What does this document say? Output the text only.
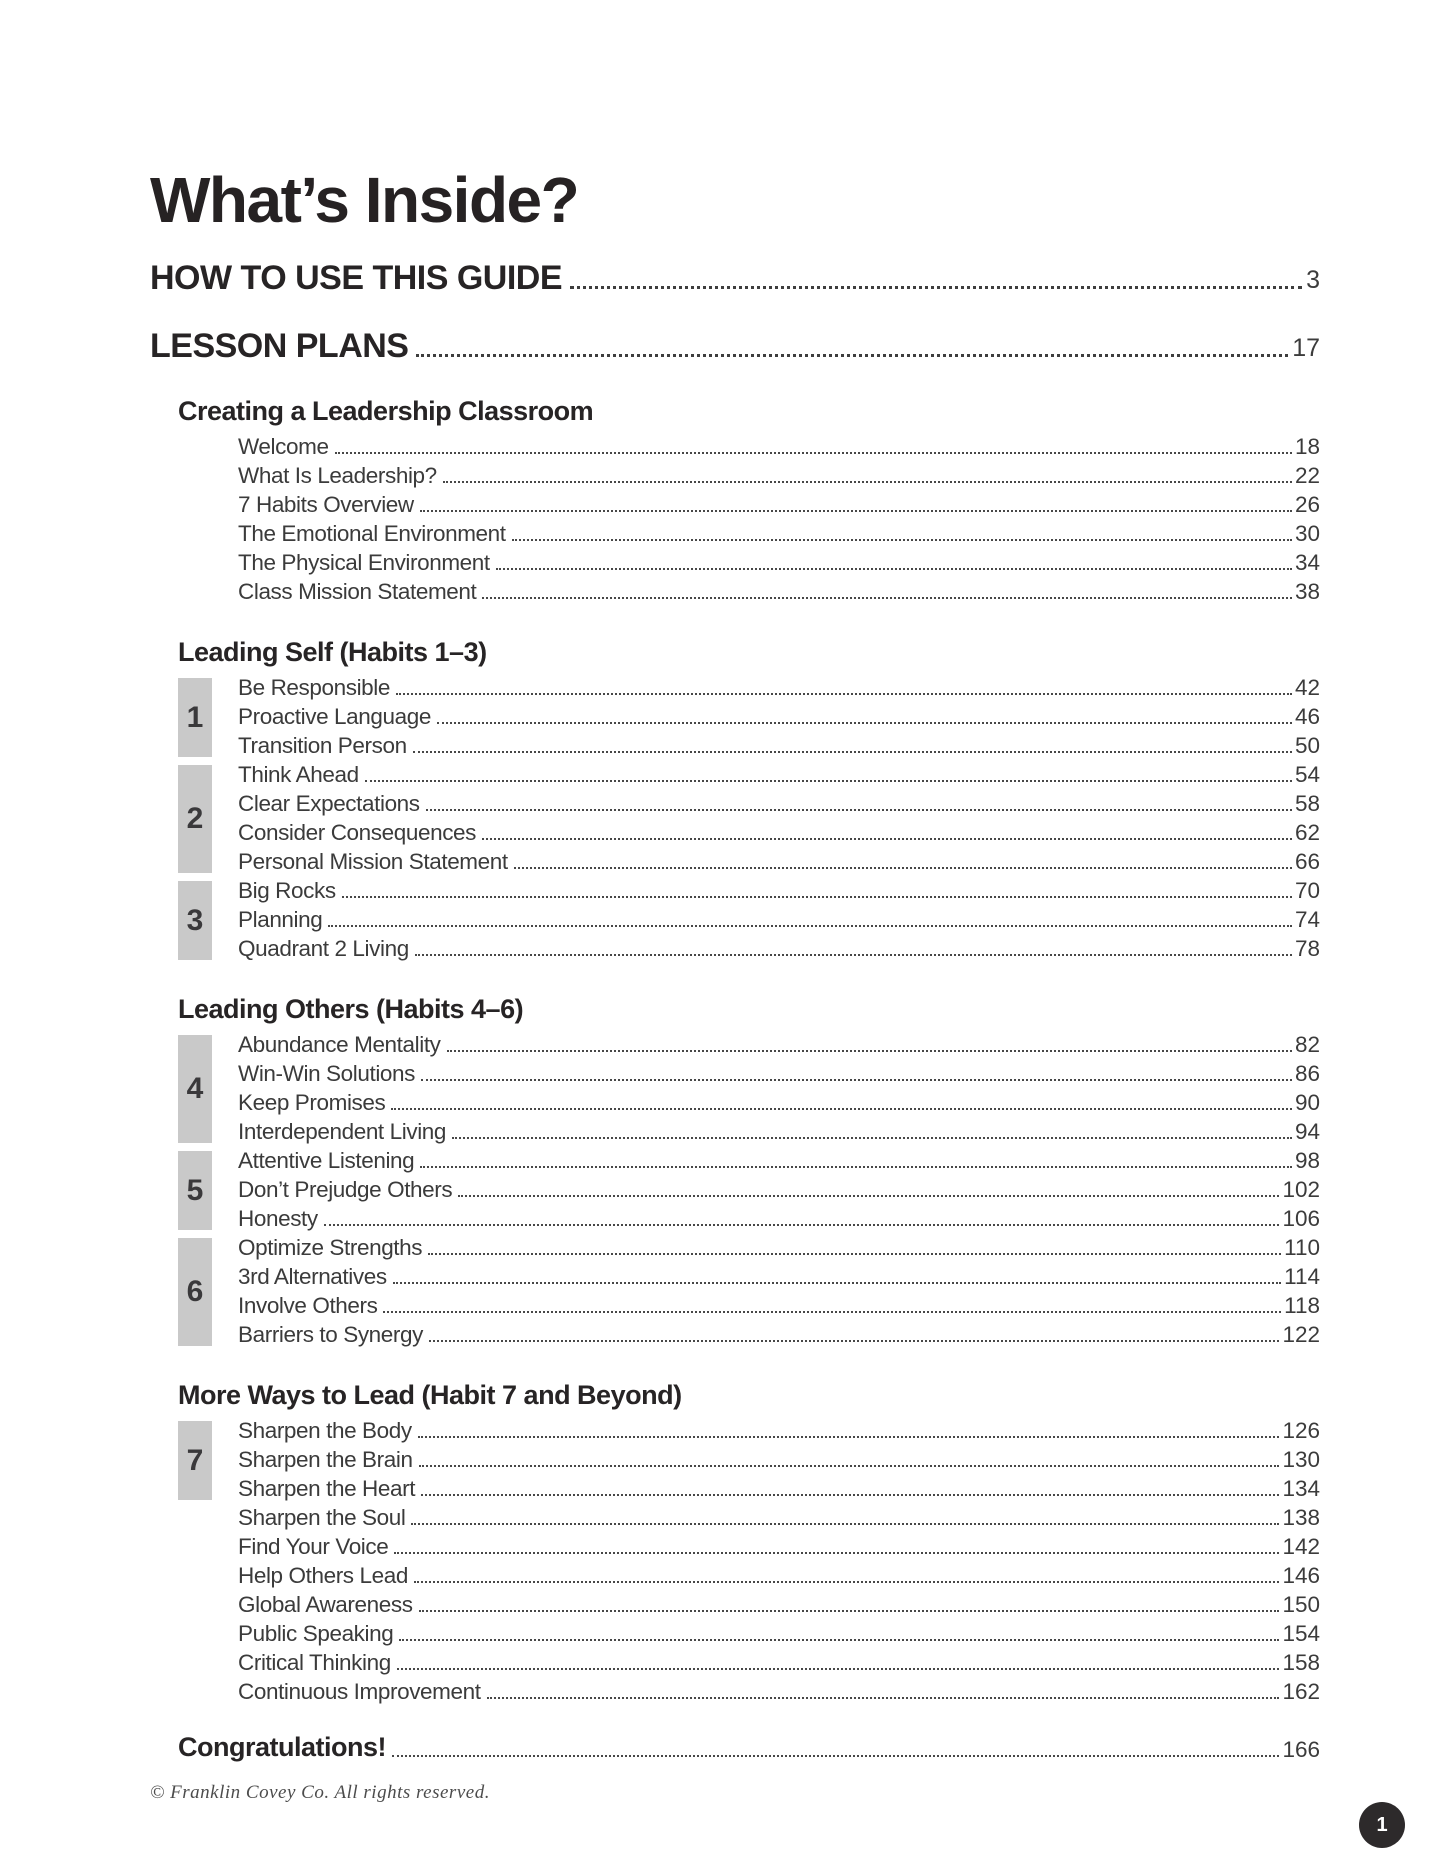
What’s Inside?
HOW TO USE THIS GUIDE	3
LESSON PLANS	17
Creating a Leadership Classroom
Welcome	18
What Is Leadership?	22
7 Habits Overview	26
The Emotional Environment	30
The Physical Environment	34
Class Mission Statement	38
Leading Self (Habits 1–3)
1
Be Responsible	42
Proactive Language	46
Transition Person	50
2
Think Ahead	54
Clear Expectations	58
Consider Consequences	62
Personal Mission Statement	66
3
Big Rocks	70
Planning	74
Quadrant 2 Living	78
Leading Others (Habits 4–6)
4
Abundance Mentality	82
Win-Win Solutions	86
Keep Promises	90
Interdependent Living	94
5
Attentive Listening	98
Don’t Prejudge Others	102
Honesty	106
6
Optimize Strengths	110
3rd Alternatives	114
Involve Others	118
Barriers to Synergy	122
More Ways to Lead (Habit 7 and Beyond)
7
Sharpen the Body	126
Sharpen the Brain	130
Sharpen the Heart	134
Sharpen the Soul	138
Find Your Voice	142
Help Others Lead	146
Global Awareness	150
Public Speaking	154
Critical Thinking	158
Continuous Improvement	162
Congratulations!	166
© Franklin Covey Co. All rights reserved.
1
